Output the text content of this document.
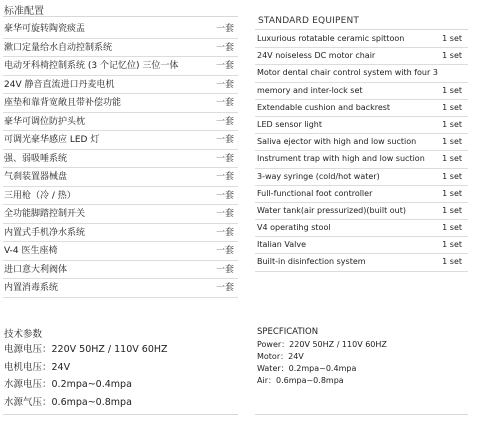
标准配置
豪华可旋转陶瓷痰盂	一套
漱口定量给水自动控制系统	一套
电动牙科椅控制系统 (3 个记忆位) 三位一体	一套
24V 静音直流进口丹麦电机	一套
座垫和靠背宽敞且带补偿功能	一套
豪华可调位防护头枕	一套
可调光豪华感应 LED 灯	一套
强、弱吸唾系统	一套
气刹装置器械盘	一套
三用枪（冷 / 热）	一套
全功能脚踏控制开关	一套
内置式手机净水系统	一套
V-4 医生座椅	一套
进口意大利阀体	一套
内置消毒系统	一套
STANDARD EQUIPENT
Luxurious rotatable ceramic spittoon	1 set
24V noiseless DC motor chair	1 set
Motor dental chair control system with four 3
memory and inter-lock set	1 set
Extendable cushion and backrest	1 set
LED sensor light	1 set
Saliva ejector with high and low suction	1 set
Instrument trap with high and low suction 1 set
3-way syringe (cold/hot water)	1 set
Full-functional foot controller	1 set
Water tank(air pressurized)(built out)	1 set
V4 operatihg stool	1 set
Italian Valve	1 set
Built-in disinfection system	1 set
技术参数
电源电压：220V 50HZ / 110V 60HZ
电机电压：24V
水源电压：0.2mpa~0.4mpa
水源气压：0.6mpa~0.8mpa
SPECFICATION
Power：220V 50HZ / 110V 60HZ
Motor：24V
Water：0.2mpa~0.4mpa
Air：0.6mpa~0.8mpa
